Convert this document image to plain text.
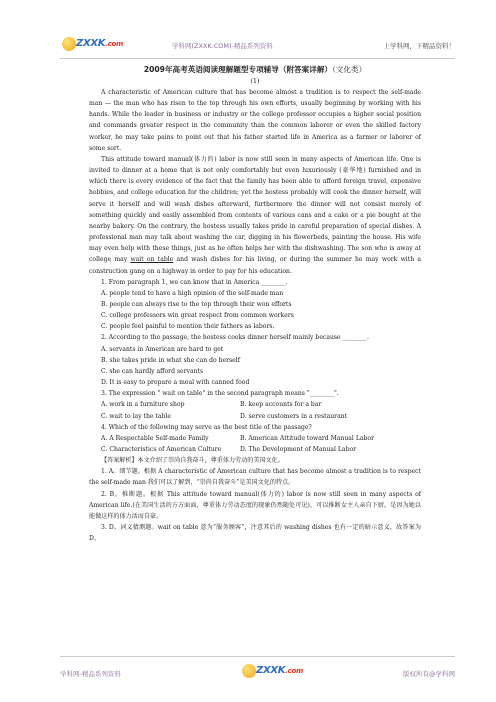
ZXXK.com	学科网(ZXXK.COM)-精品系列资料	上学科网，下精品资料！
2009年高考英语阅读理解题型专项辅导（附答案详解）（文化类）
(1)

A characteristic of American culture that has become almost a tradition is to respect the self-made man — the man who has risen to the top through his own efforts, usually beginning by working with his hands. While the leader in business or industry or the college professor occupies a higher social position and commands greater respect in the community than the common laborer or even the skilled factory worker, he may take pains to point out that his father started life in America as a farmer or laborer of some sort.

This attitude toward manual(体力的) labor is now still seen in many aspects of American life. One is invited to dinner at a home that is not only comfortably but even luxuriously (豪华地) furnished and in which there is every evidence of the fact that the family has been able to afford foreign travel, expensive hobbies, and college education for the children; yet the hostess probably will cook the dinner herself, will serve it herself and will wash dishes afterward, furthermore the dinner will not consist merely of something quickly and easily assembled from contents of various cans and a cake or a pie bought at the nearby bakery. On the contrary, the hostess usually takes pride in careful preparation of special dishes. A professional man may talk about washing the car, digging in his flowerbeds, painting the house. His wife may even help with these things, just as he often helps her with the dishwashing. The son who is away at college may wait on table and wash dishes for his living, or during the summer he may work with a construction gang on a highway in order to pay for his education.

1. From paragraph 1, we can know that in America ________.

A. people tend to have a high opinion of the self-made man

B. people can always rise to the top through their won efforts

C. college professors win great respect from common workers

C. people feel painful to mention their fathers as labors.

2. According to the passage, the hostess cooks dinner herself mainly because ________.

A. servants in American are hard to get

B. she takes pride in what she can do herself

C. she can hardly afford servants

D. It is easy to prepare a meal with canned food

3. The expression " wait on table" in the second paragraph means "________".

A. work in a furniture shop	B. keep accounts for a bar
C. wait to lay the table	D. serve customers in a restaurant

4. Which of the following may serve as the best title of the passage?

A. A Respectable Self-made Family	B. American Attitude toward Manual Labor
C. Characteristics of American Culture	D. The Development of Manual Labor

【答案解析】本文介绍了崇尚自我奋斗，尊重体力劳动的美国文化。

1. A。细节题。根据 A characteristic of American culture that has become almost a tradition is to respect the self-made man 我们可以了解到，“崇尚自我奋斗”是美国文化的特点。

2. B。推断题。根据 This attitude toward manual(体力的) labor is now still seen in many aspects of American life.(在美国生活的方方面面，尊重体力劳动态度的现象仍然随处可见)，可以推断女主人亲自下厨，是因为她以能做这样的体力活而自豪。

3. D。词义猜测题。wait on table 意为“服务顾客”，注意其后的 washing dishes 也有一定的暗示意义，故答案为 D。

学科网-精品系列资料	ZXXK.com	版权所有@学科网
